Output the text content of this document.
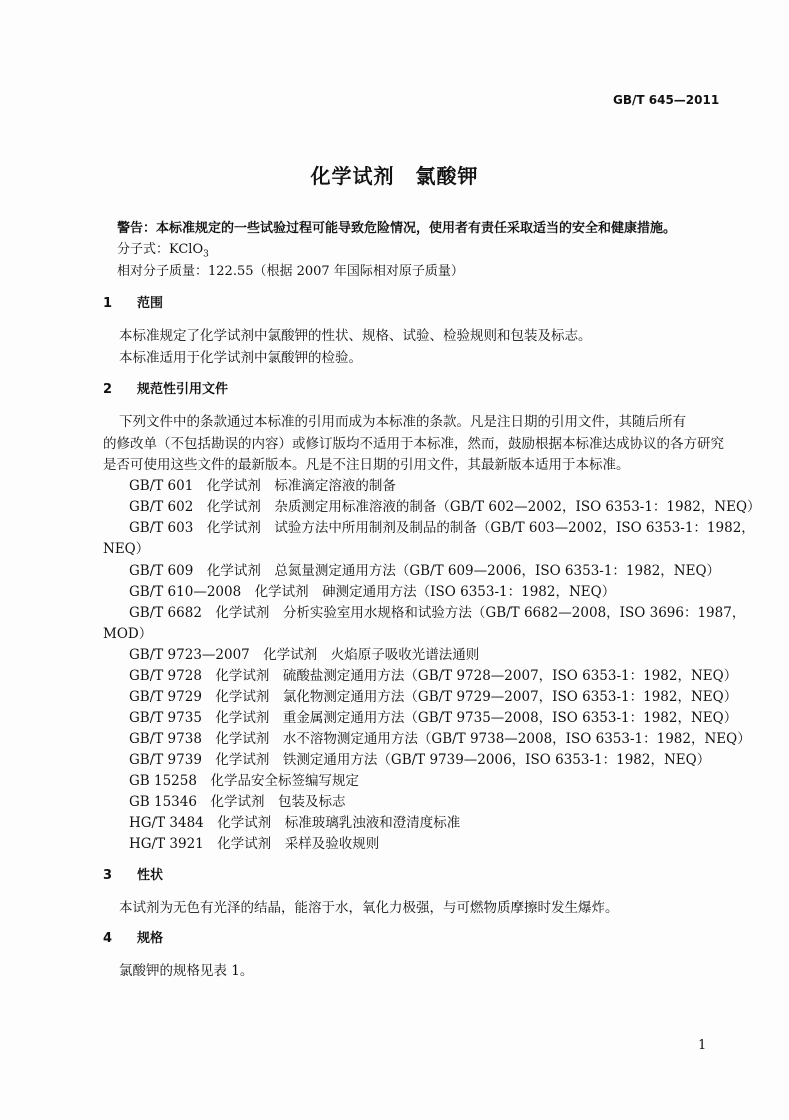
GB/T 645—2011
化学试剂　氯酸钾
警告：本标准规定的一些试验过程可能导致危险情况，使用者有责任采取适当的安全和健康措施。
分子式：KClO$_3$
相对分子质量：122.55（根据 2007 年国际相对原子质量）
1 范围
本标准规定了化学试剂中氯酸钾的性状、规格、试验、检验规则和包装及标志。
本标准适用于化学试剂中氯酸钾的检验。
2 规范性引用文件
下列文件中的条款通过本标准的引用而成为本标准的条款。凡是注日期的引用文件，其随后所有
的修改单（不包括勘误的内容）或修订版均不适用于本标准，然而，鼓励根据本标准达成协议的各方研究
是否可使用这些文件的最新版本。凡是不注日期的引用文件，其最新版本适用于本标准。
GB/T 601　化学试剂　标准滴定溶液的制备
GB/T 602　化学试剂　杂质测定用标准溶液的制备（GB/T 602—2002，ISO 6353-1：1982，NEQ）
GB/T 603　化学试剂　试验方法中所用制剂及制品的制备（GB/T 603—2002，ISO 6353-1：1982，
NEQ）
GB/T 609　化学试剂　总氮量测定通用方法（GB/T 609—2006，ISO 6353-1：1982，NEQ）
GB/T 610—2008　化学试剂　砷测定通用方法（ISO 6353-1：1982，NEQ）
GB/T 6682　化学试剂　分析实验室用水规格和试验方法（GB/T 6682—2008，ISO 3696：1987，
MOD）
GB/T 9723—2007　化学试剂　火焰原子吸收光谱法通则
GB/T 9728　化学试剂　硫酸盐测定通用方法（GB/T 9728—2007，ISO 6353-1：1982，NEQ）
GB/T 9729　化学试剂　氯化物测定通用方法（GB/T 9729—2007，ISO 6353-1：1982，NEQ）
GB/T 9735　化学试剂　重金属测定通用方法（GB/T 9735—2008，ISO 6353-1：1982，NEQ）
GB/T 9738　化学试剂　水不溶物测定通用方法（GB/T 9738—2008，ISO 6353-1：1982，NEQ）
GB/T 9739　化学试剂　铁测定通用方法（GB/T 9739—2006，ISO 6353-1：1982，NEQ）
GB 15258　化学品安全标签编写规定
GB 15346　化学试剂　包装及标志
HG/T 3484　化学试剂　标准玻璃乳浊液和澄清度标准
HG/T 3921　化学试剂　采样及验收规则
3 性状
本试剂为无色有光泽的结晶，能溶于水，氧化力极强，与可燃物质摩擦时发生爆炸。
4 规格
氯酸钾的规格见表 1。
1
